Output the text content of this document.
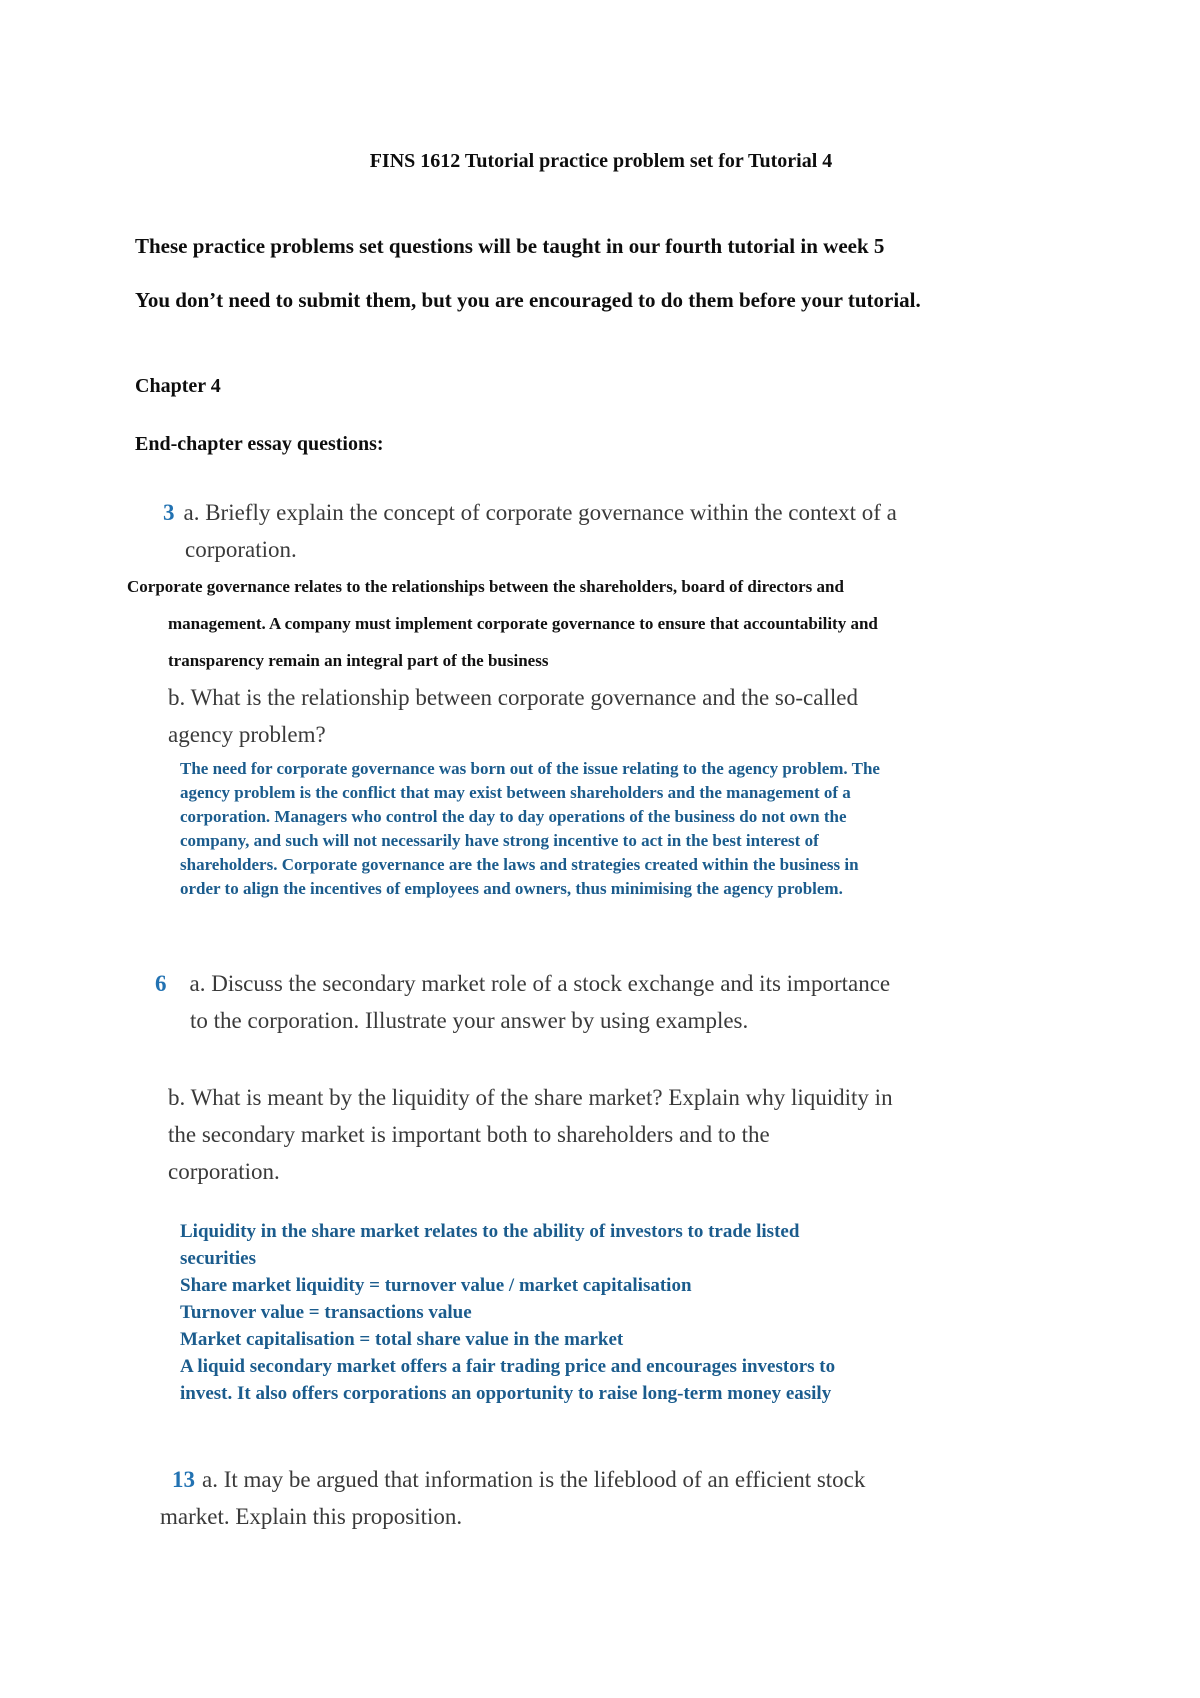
FINS 1612 Tutorial practice problem set for Tutorial 4
These practice problems set questions will be taught in our fourth tutorial in week 5
You don’t need to submit them, but you are encouraged to do them before your tutorial.
Chapter 4
End-chapter essay questions:
3 a. Briefly explain the concept of corporate governance within the context of a
corporation.
Corporate governance relates to the relationships between the shareholders, board of directors and
management. A company must implement corporate governance to ensure that accountability and
transparency remain an integral part of the business
b. What is the relationship between corporate governance and the so-called
agency problem?
The need for corporate governance was born out of the issue relating to the agency problem. The
agency problem is the conflict that may exist between shareholders and the management of a
corporation. Managers who control the day to day operations of the business do not own the
company, and such will not necessarily have strong incentive to act in the best interest of
shareholders. Corporate governance are the laws and strategies created within the business in
order to align the incentives of employees and owners, thus minimising the agency problem.
6 a. Discuss the secondary market role of a stock exchange and its importance
to the corporation. Illustrate your answer by using examples.
b. What is meant by the liquidity of the share market? Explain why liquidity in
the secondary market is important both to shareholders and to the
corporation.
Liquidity in the share market relates to the ability of investors to trade listed
securities
Share market liquidity = turnover value / market capitalisation
Turnover value = transactions value
Market capitalisation = total share value in the market
A liquid secondary market offers a fair trading price and encourages investors to
invest. It also offers corporations an opportunity to raise long-term money easily
13 a. It may be argued that information is the lifeblood of an efficient stock
market. Explain this proposition.
